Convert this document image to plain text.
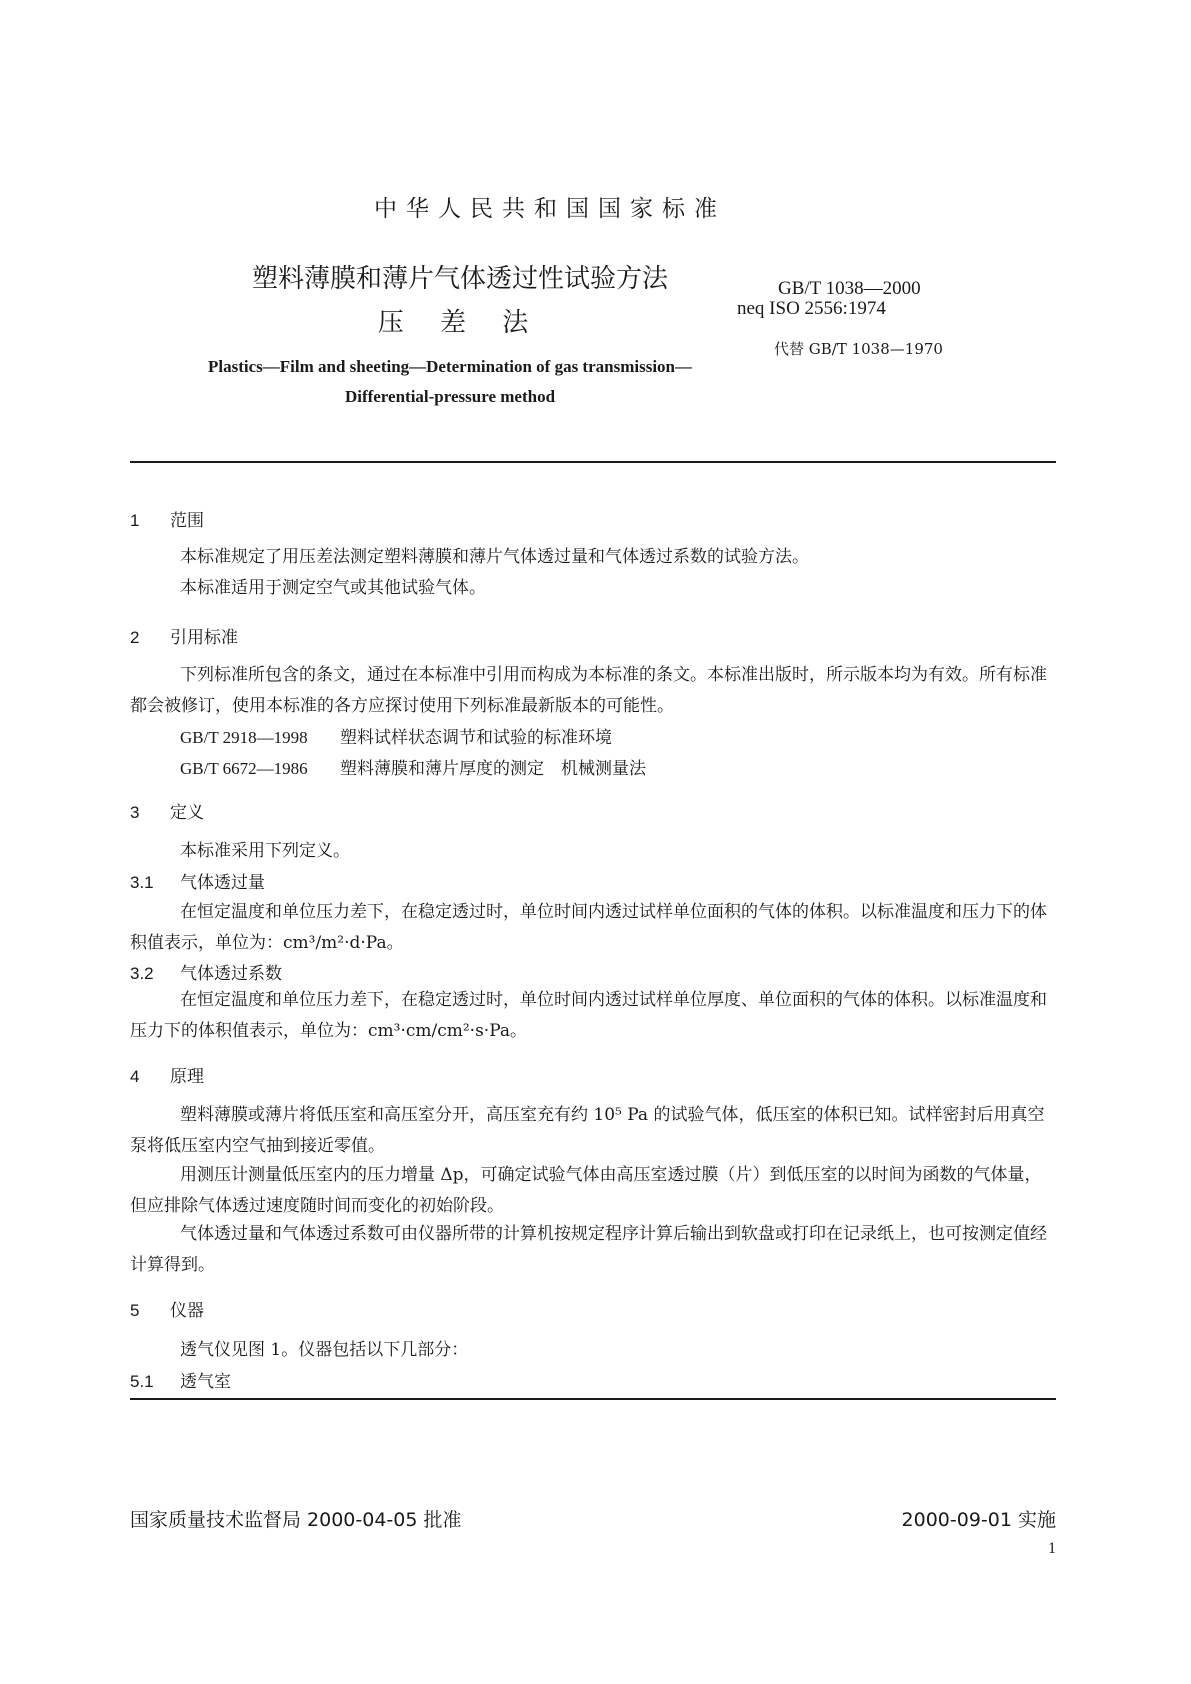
中华人民共和国国家标准
塑料薄膜和薄片气体透过性试验方法
压 差 法
GB/T 1038—2000
neq ISO 2556:1974
代替 GB/T 1038—1970
Plastics—Film and sheeting—Determination of gas transmission—
Differential-pressure method
1 范围
本标准规定了用压差法测定塑料薄膜和薄片气体透过量和气体透过系数的试验方法。
本标准适用于测定空气或其他试验气体。
2 引用标准
下列标准所包含的条文，通过在本标准中引用而构成为本标准的条文。本标准出版时，所示版本均为有效。所有标准都会被修订，使用本标准的各方应探讨使用下列标准最新版本的可能性。
GB/T 2918—1998 塑料试样状态调节和试验的标准环境
GB/T 6672—1986 塑料薄膜和薄片厚度的测定　机械测量法
3 定义
本标准采用下列定义。
3.1 气体透过量
在恒定温度和单位压力差下，在稳定透过时，单位时间内透过试样单位面积的气体的体积。以标准温度和压力下的体积值表示，单位为：cm³/m²·d·Pa。
3.2 气体透过系数
在恒定温度和单位压力差下，在稳定透过时，单位时间内透过试样单位厚度、单位面积的气体的体积。以标准温度和压力下的体积值表示，单位为：cm³·cm/cm²·s·Pa。
4 原理
塑料薄膜或薄片将低压室和高压室分开，高压室充有约 10⁵ Pa 的试验气体，低压室的体积已知。试样密封后用真空泵将低压室内空气抽到接近零值。
用测压计测量低压室内的压力增量 Δp，可确定试验气体由高压室透过膜（片）到低压室的以时间为函数的气体量，但应排除气体透过速度随时间而变化的初始阶段。
气体透过量和气体透过系数可由仪器所带的计算机按规定程序计算后输出到软盘或打印在记录纸上，也可按测定值经计算得到。
5 仪器
透气仪见图 1。仪器包括以下几部分：
5.1 透气室
国家质量技术监督局 2000-04-05 批准	2000-09-01 实施
1
